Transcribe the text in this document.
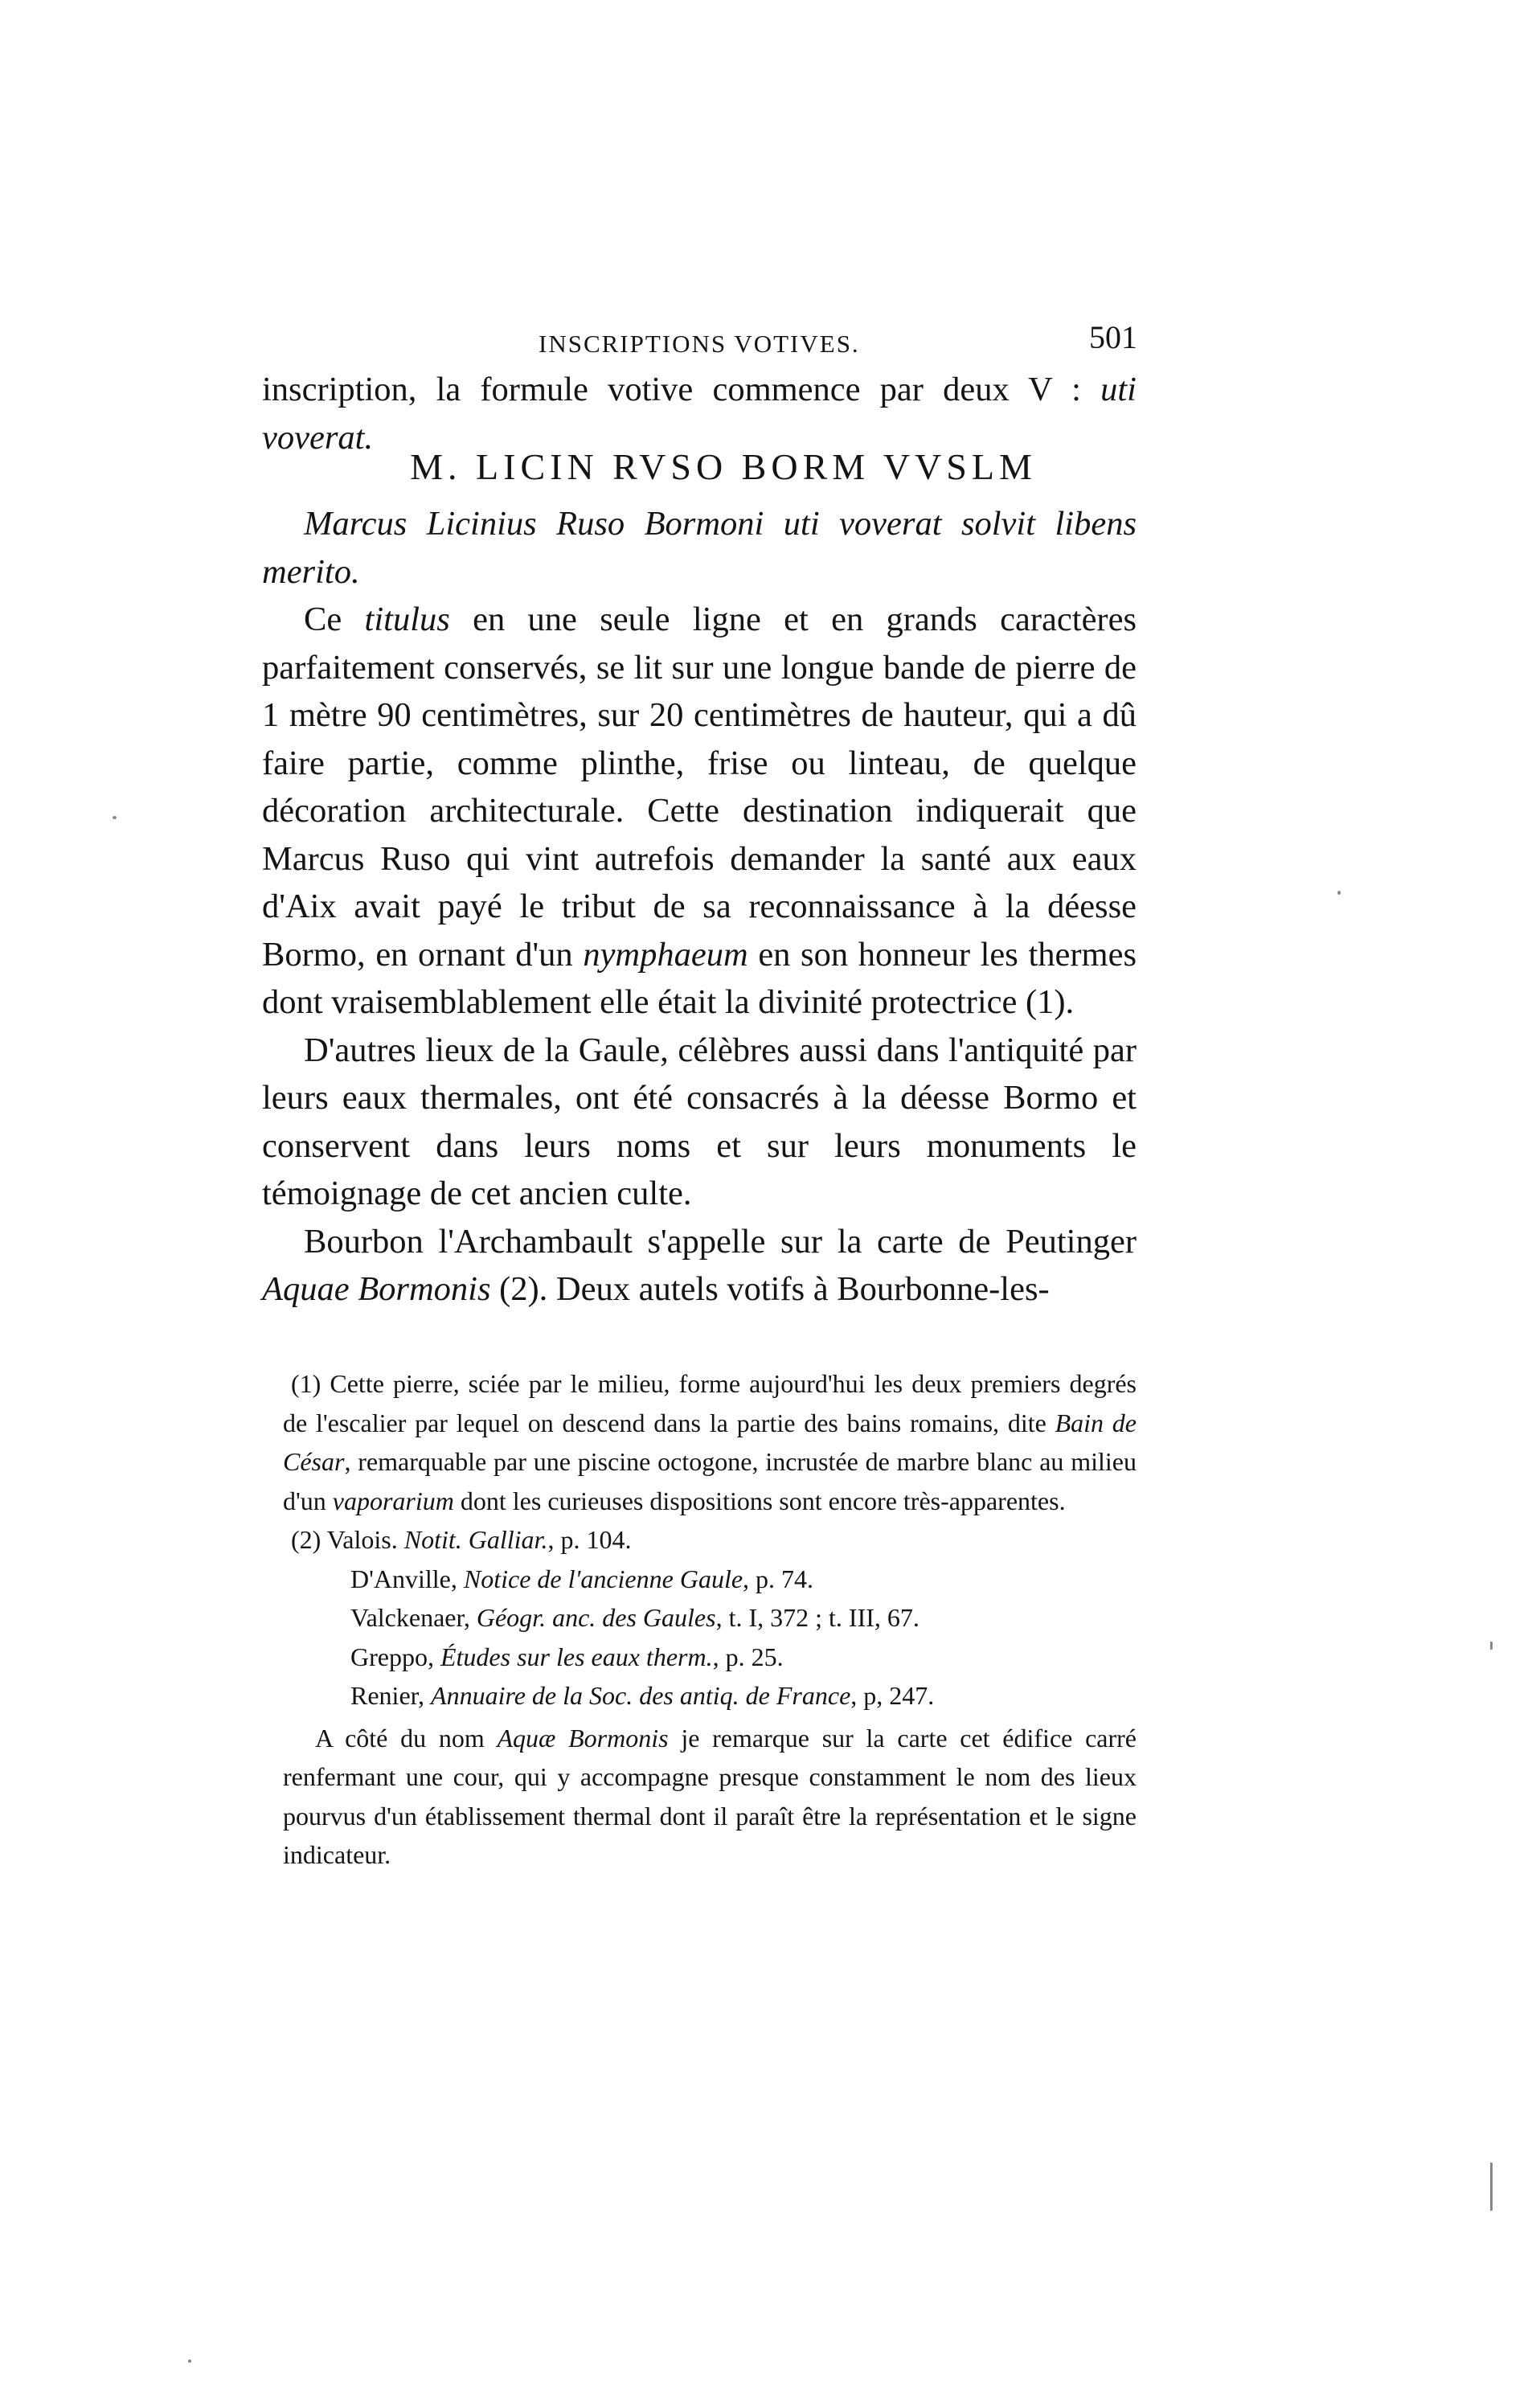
INSCRIPTIONS VOTIVES.	501

inscription, la formule votive commence par deux V : uti voverat.

M. LICIN RVSO BORM VVSLM

Marcus Licinius Ruso Bormoni uti voverat solvit libens merito.

Ce titulus en une seule ligne et en grands caractères parfaitement conservés, se lit sur une longue bande de pierre de 1 mètre 90 centimètres, sur 20 centimètres de hauteur, qui a dû faire partie, comme plinthe, frise ou linteau, de quelque décoration architecturale. Cette destination indiquerait que Marcus Ruso qui vint autrefois demander la santé aux eaux d'Aix avait payé le tribut de sa reconnaissance à la déesse Bormo, en ornant d'un nymphaeum en son honneur les thermes dont vraisemblablement elle était la divinité protectrice (1).

D'autres lieux de la Gaule, célèbres aussi dans l'antiquité par leurs eaux thermales, ont été consacrés à la déesse Bormo et conservent dans leurs noms et sur leurs monuments le témoignage de cet ancien culte.

Bourbon l'Archambault s'appelle sur la carte de Peutinger Aquae Bormonis (2). Deux autels votifs à Bourbonne-les-

(1) Cette pierre, sciée par le milieu, forme aujourd'hui les deux premiers degrés de l'escalier par lequel on descend dans la partie des bains romains, dite Bain de César, remarquable par une piscine octogone, incrustée de marbre blanc au milieu d'un vaporarium dont les curieuses dispositions sont encore très-apparentes.

(2) Valois. Notit. Galliar., p. 104.

D'Anville, Notice de l'ancienne Gaule, p. 74.

Valckenaer, Géogr. anc. des Gaules, t. I, 372 ; t. III, 67.

Greppo, Études sur les eaux therm., p. 25.

Renier, Annuaire de la Soc. des antiq. de France, p, 247.

A côté du nom Aquæ Bormonis je remarque sur la carte cet édifice carré renfermant une cour, qui y accompagne presque constamment le nom des lieux pourvus d'un établissement thermal dont il paraît être la représentation et le signe indicateur.
